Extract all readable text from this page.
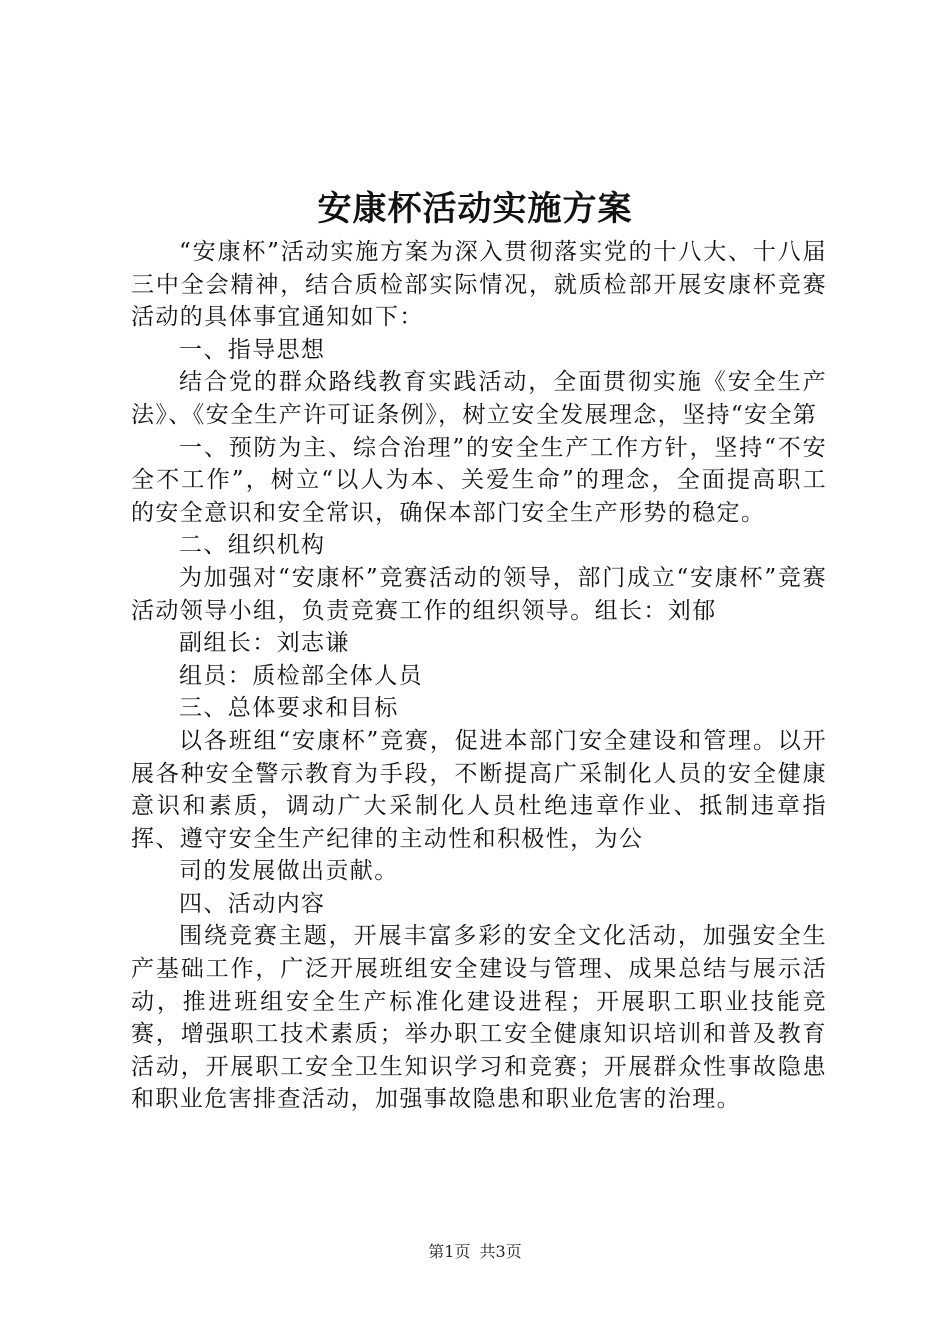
安康杯活动实施方案

“安康杯”活动实施方案为深入贯彻落实党的十八大、十八届三中全会精神，结合质检部实际情况，就质检部开展安康杯竞赛活动的具体事宜通知如下：

一、指导思想

结合党的群众路线教育实践活动，全面贯彻实施《安全生产法》、《安全生产许可证条例》，树立安全发展理念，坚持“安全第

一、预防为主、综合治理”的安全生产工作方针，坚持“不安全不工作”，树立“以人为本、关爱生命”的理念，全面提高职工的安全意识和安全常识，确保本部门安全生产形势的稳定。

二、组织机构

为加强对“安康杯”竞赛活动的领导，部门成立“安康杯”竞赛活动领导小组，负责竞赛工作的组织领导。组长：刘郁

副组长：刘志谦

组员：质检部全体人员

三、总体要求和目标

以各班组“安康杯”竞赛，促进本部门安全建设和管理。以开展各种安全警示教育为手段，不断提高广采制化人员的安全健康意识和素质，调动广大采制化人员杜绝违章作业、抵制违章指挥、遵守安全生产纪律的主动性和积极性，为公

司的发展做出贡献。

四、活动内容

围绕竞赛主题，开展丰富多彩的安全文化活动，加强安全生产基础工作，广泛开展班组安全建设与管理、成果总结与展示活动，推进班组安全生产标准化建设进程；开展职工职业技能竞赛，增强职工技术素质；举办职工安全健康知识培训和普及教育活动，开展职工安全卫生知识学习和竞赛；开展群众性事故隐患和职业危害排查活动，加强事故隐患和职业危害的治理。

第1页 共3页
